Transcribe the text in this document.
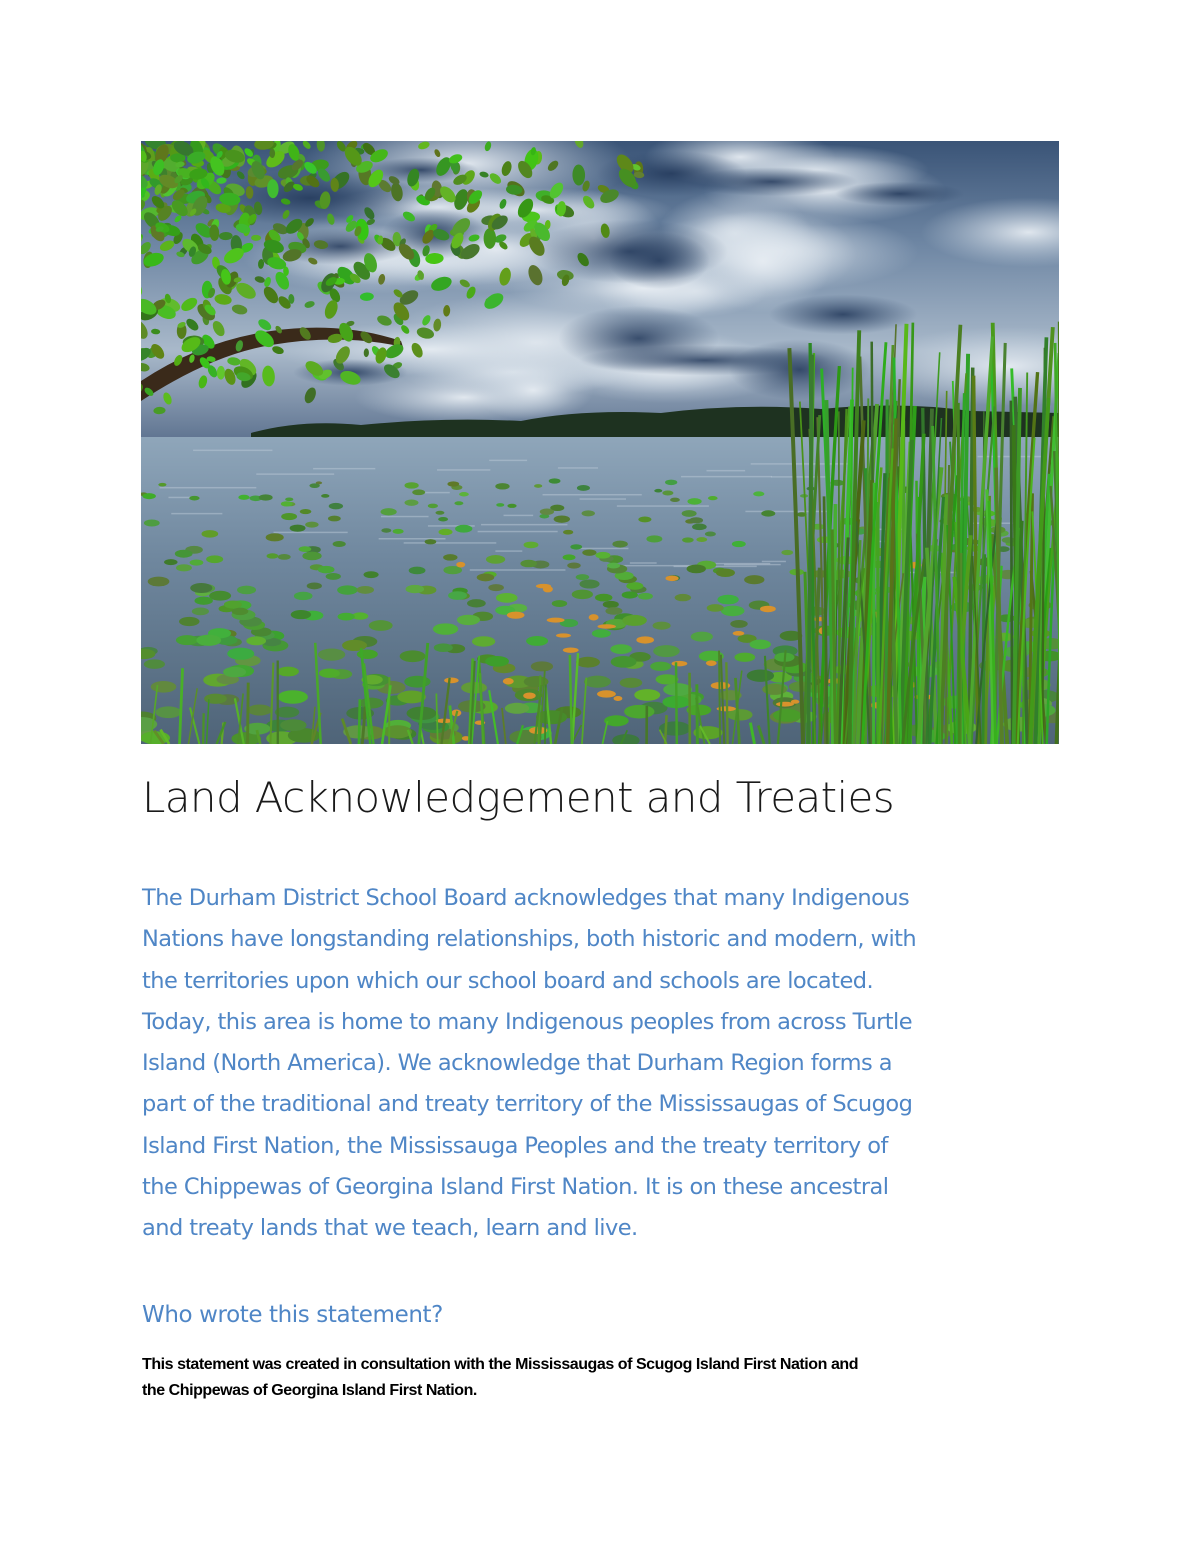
Land Acknowledgement and Treaties
The Durham District School Board acknowledges that many Indigenous
Nations have longstanding relationships, both historic and modern, with
the territories upon which our school board and schools are located.
Today, this area is home to many Indigenous peoples from across Turtle
Island (North America). We acknowledge that Durham Region forms a
part of the traditional and treaty territory of the Mississaugas of Scugog
Island First Nation, the Mississauga Peoples and the treaty territory of
the Chippewas of Georgina Island First Nation. It is on these ancestral
and treaty lands that we teach, learn and live.
Who wrote this statement?
This statement was created in consultation with the Mississaugas of Scugog Island First Nation and
the Chippewas of Georgina Island First Nation.
